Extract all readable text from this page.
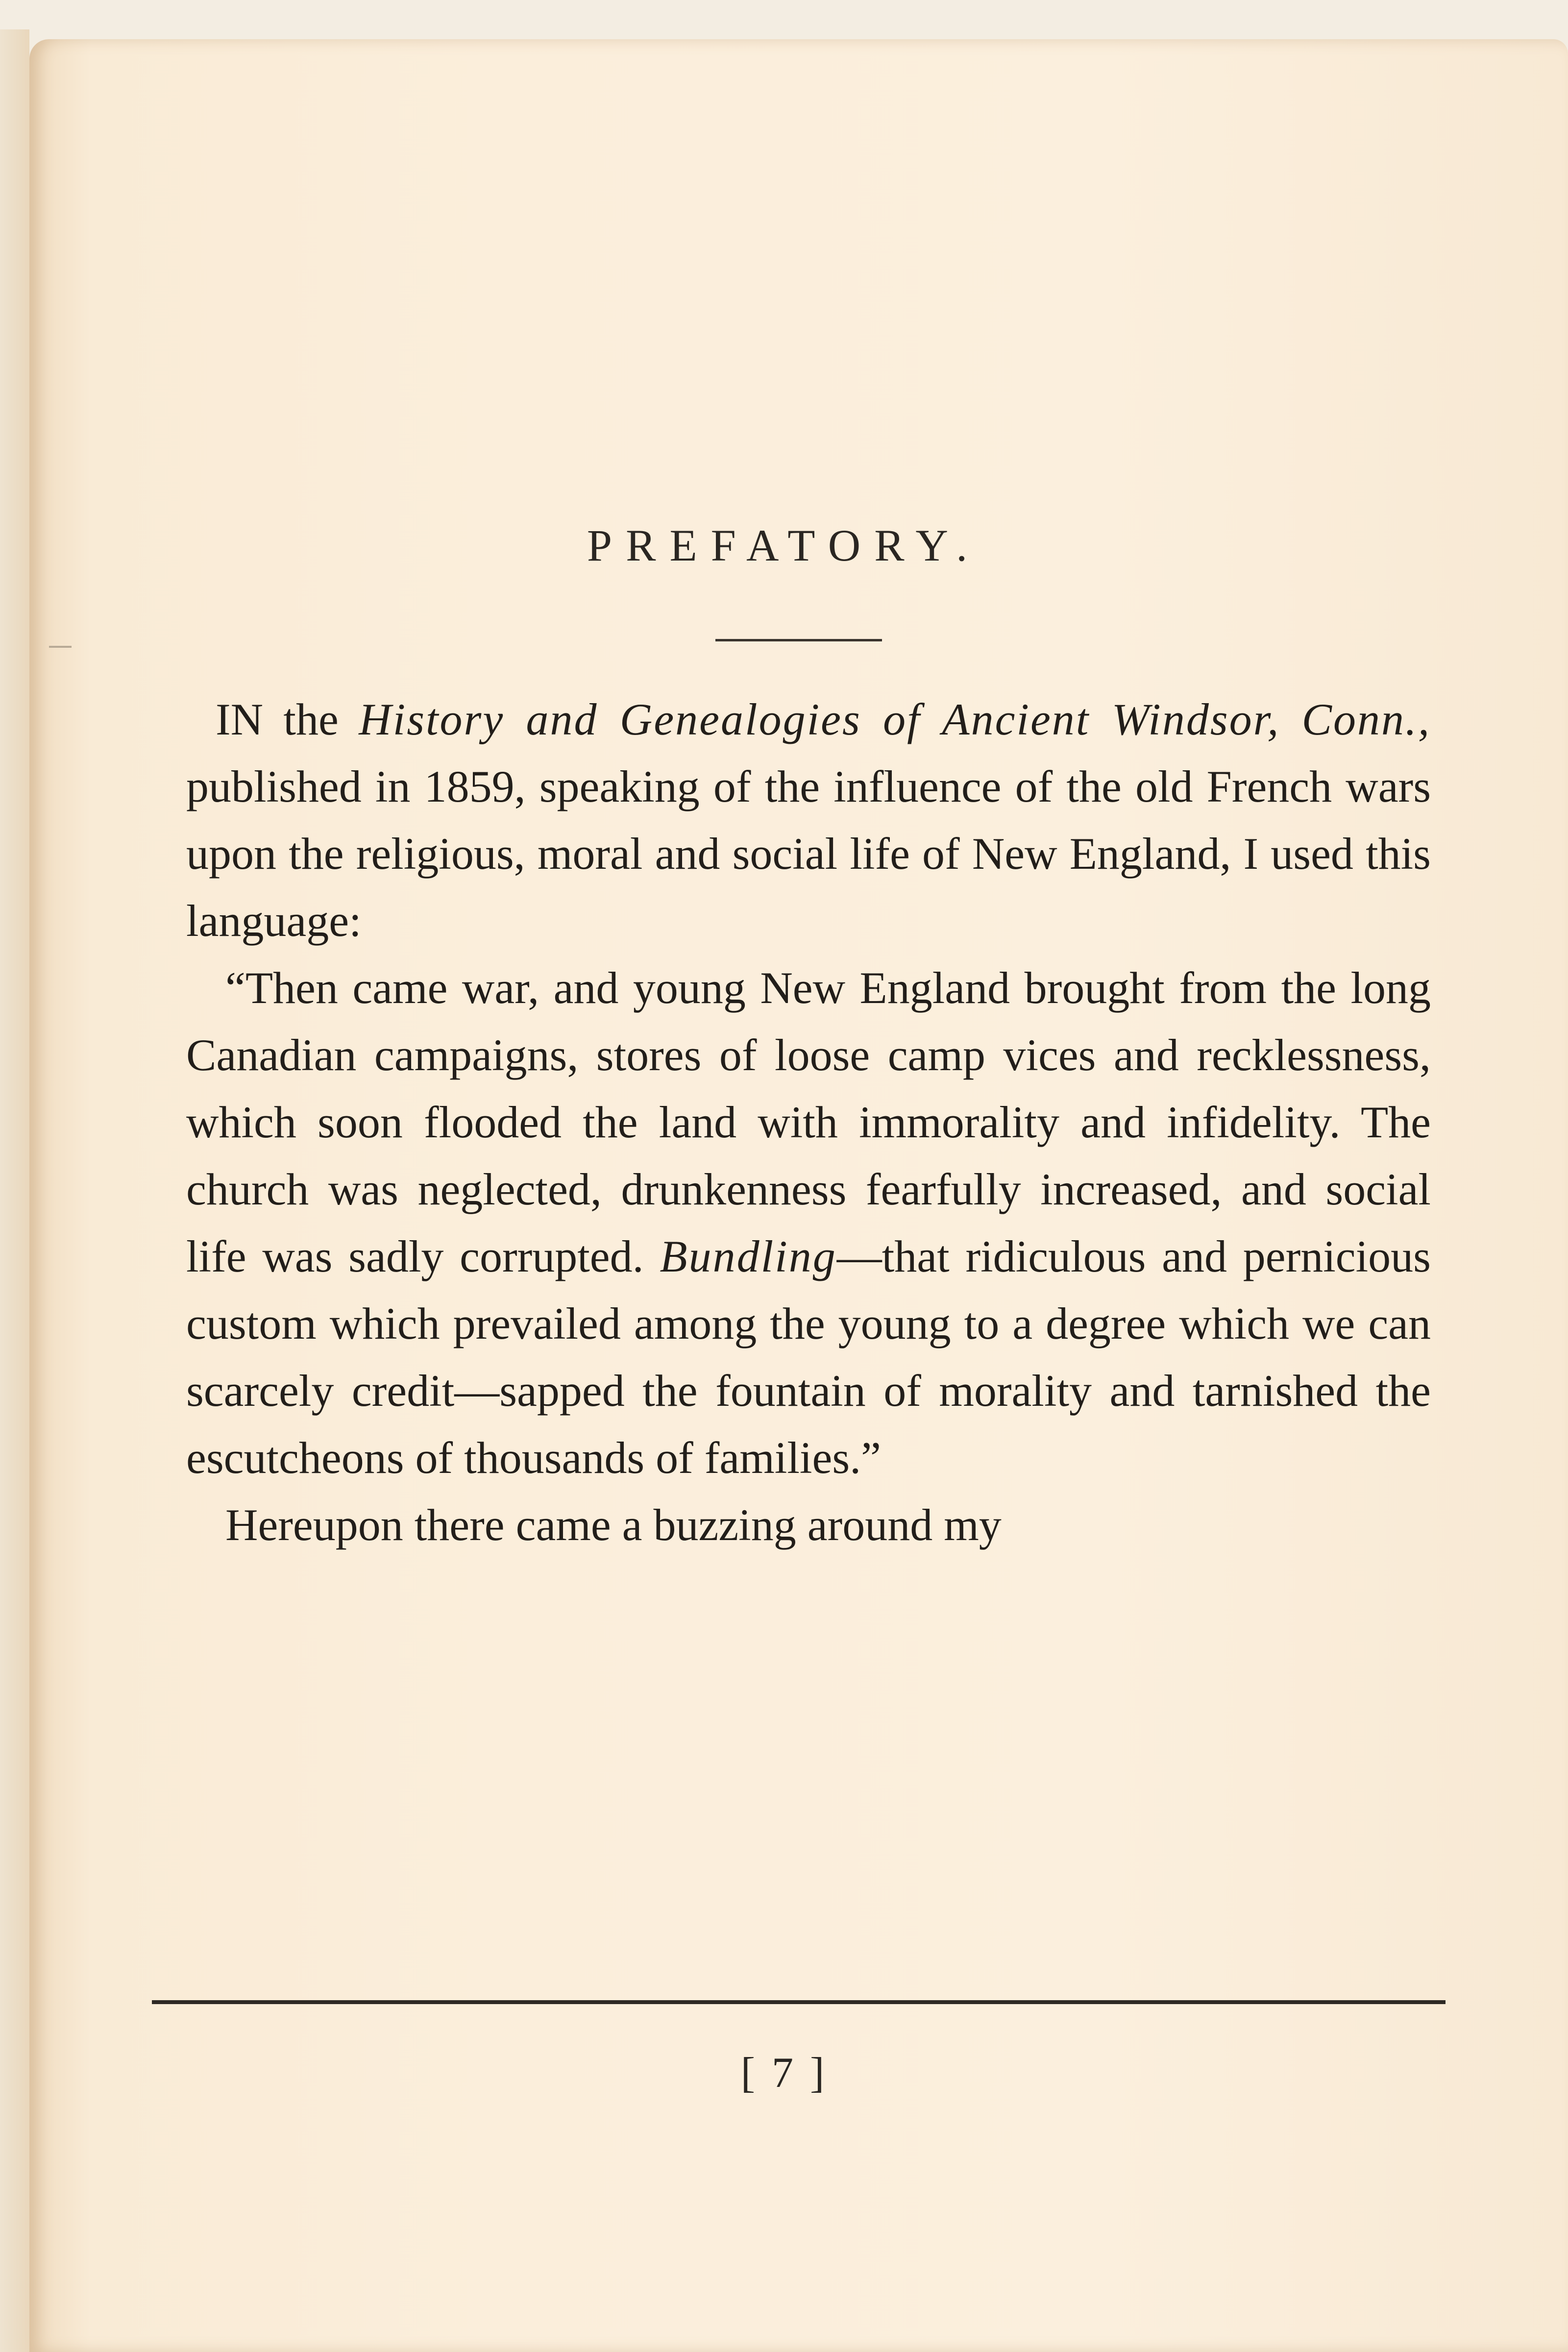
PREFATORY.

IN the History and Genealogies of Ancient Windsor, Conn., published in 1859, speaking of the influence of the old French wars upon the religious, moral and social life of New England, I used this language:

“Then came war, and young New England brought from the long Canadian campaigns, stores of loose camp vices and recklessness, which soon flooded the land with immorality and infidelity. The church was neglected, drunkenness fearfully increased, and social life was sadly corrupted. Bundling—that ridiculous and pernicious custom which prevailed among the young to a degree which we can scarcely credit—sapped the fountain of morality and tarnished the escutcheons of thousands of families.”

Hereupon there came a buzzing around my

[ 7 ]
